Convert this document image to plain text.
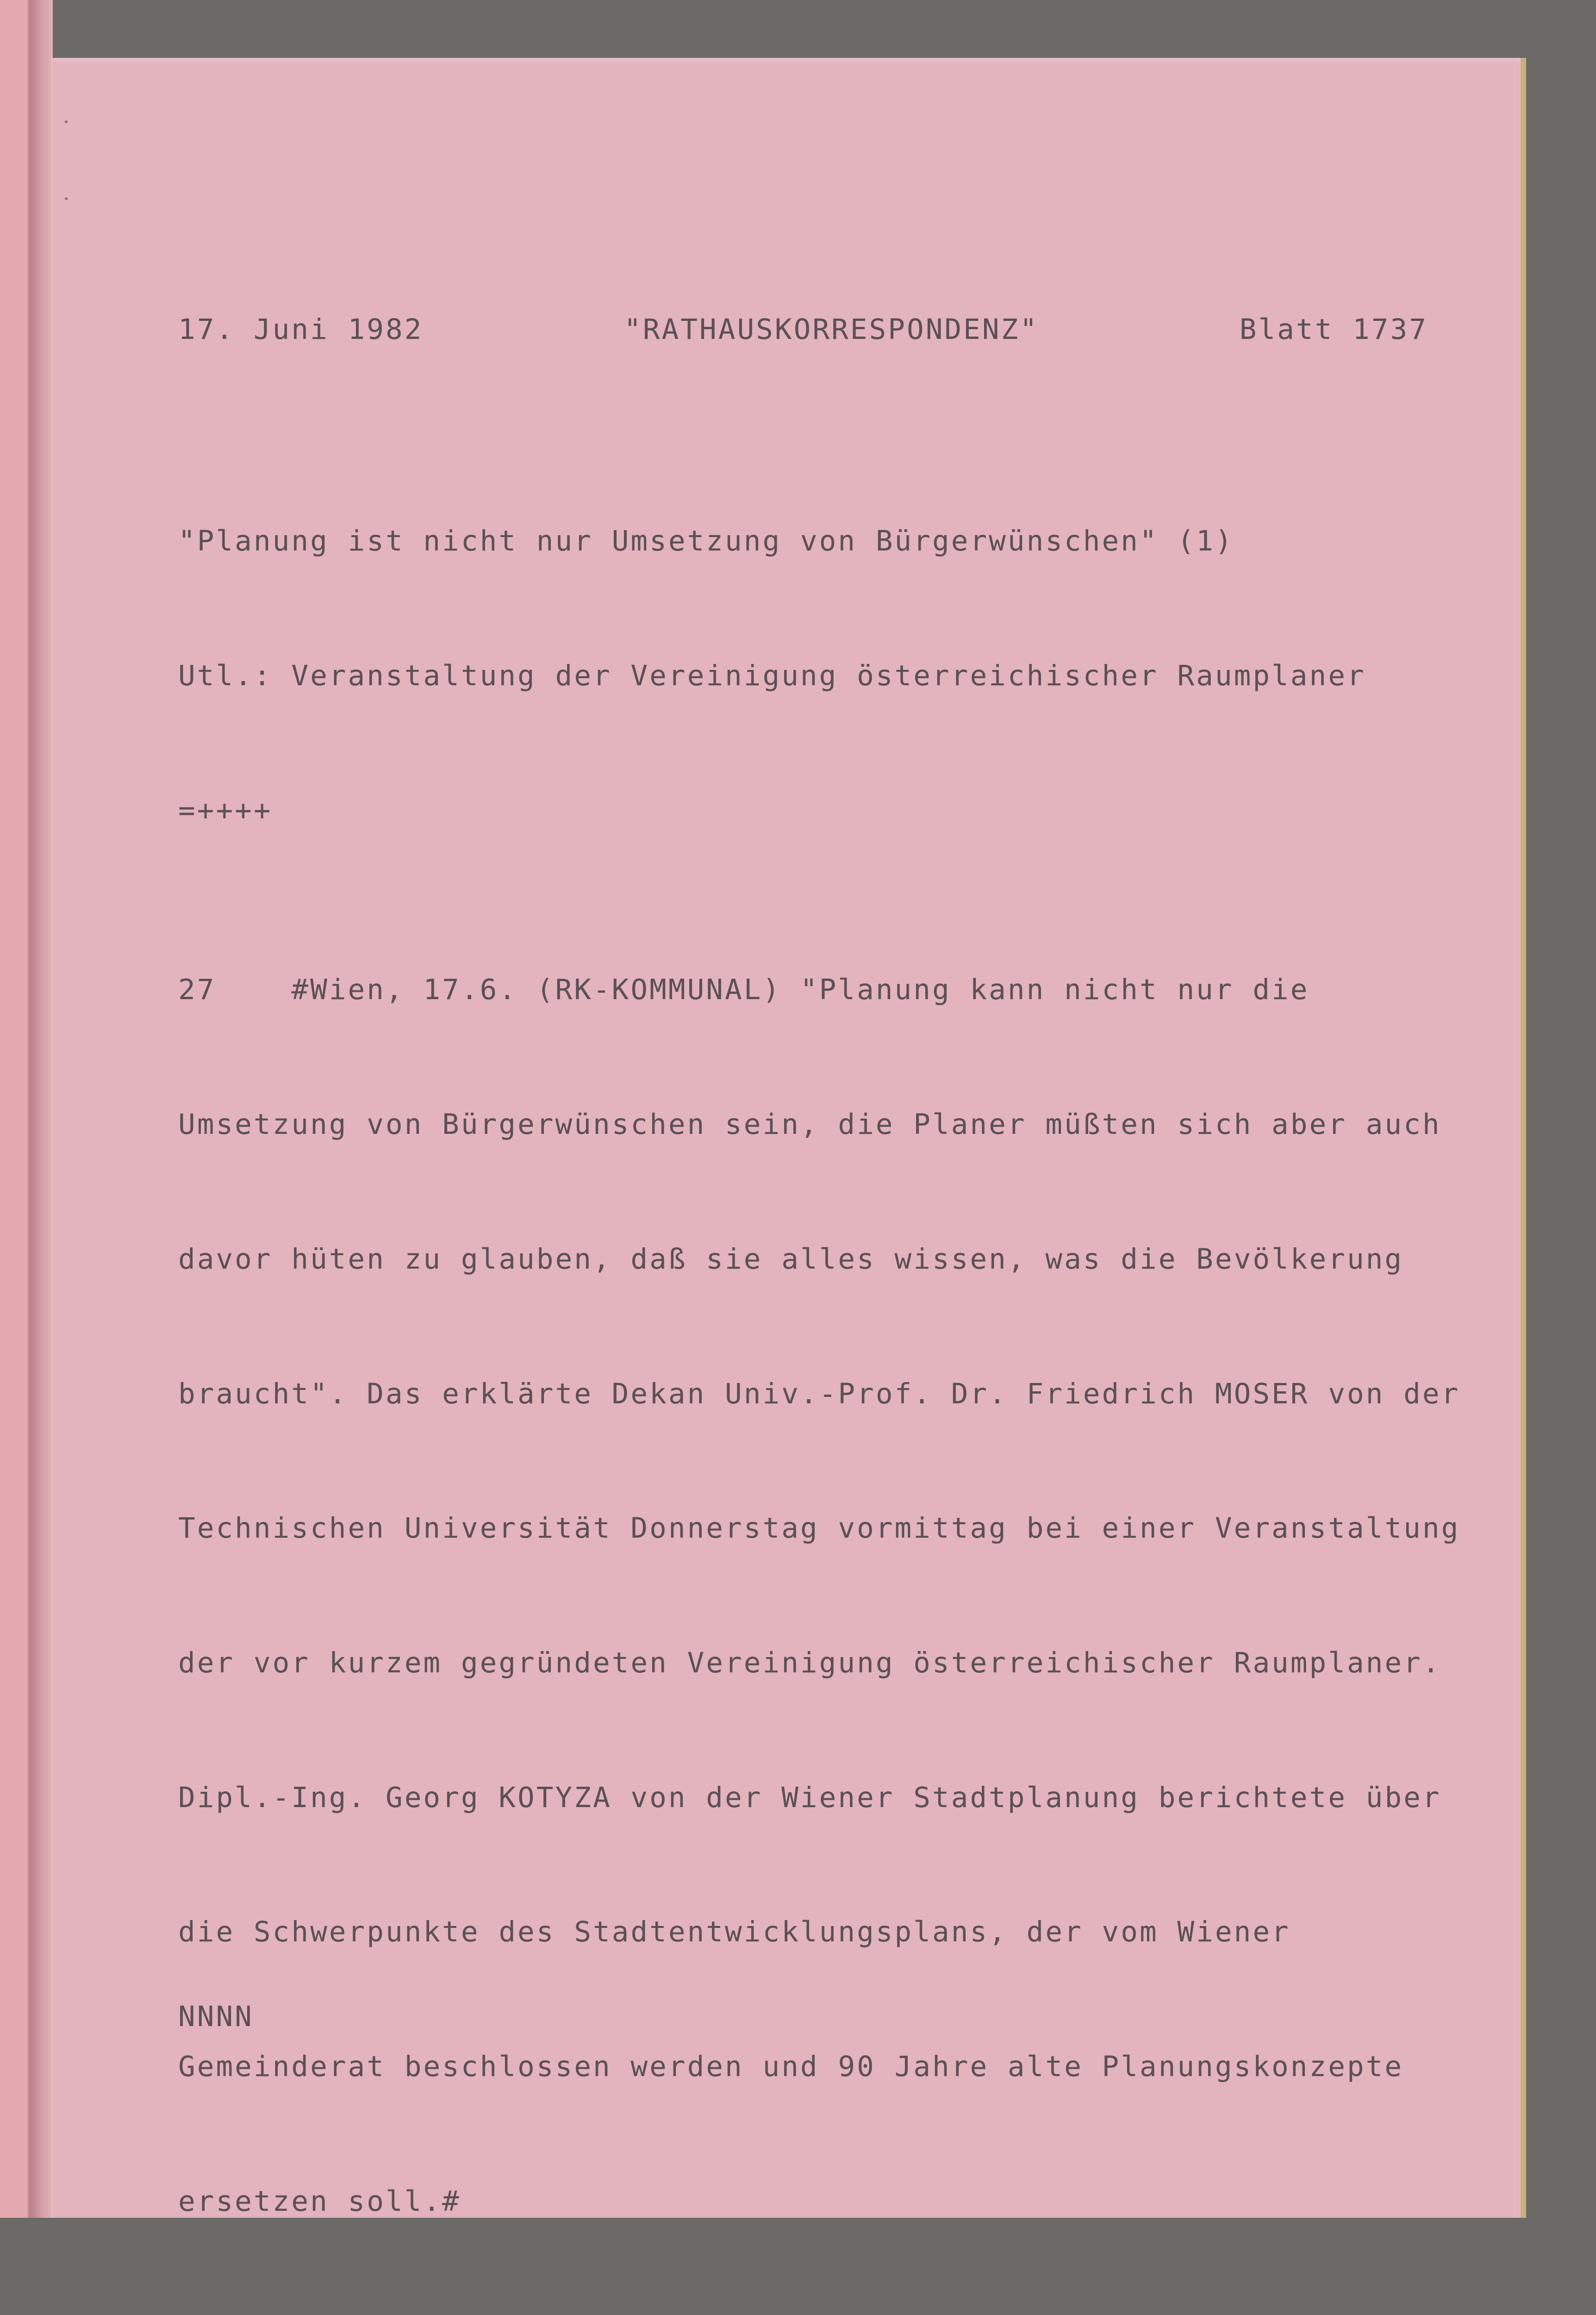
17. Juni 1982	"RATHAUSKORRESPONDENZ"	Blatt 1737

"Planung ist nicht nur Umsetzung von Bürgerwünschen" (1)

Utl.: Veranstaltung der Vereinigung österreichischer Raumplaner

=++++

27    #Wien, 17.6. (RK-KOMMUNAL) "Planung kann nicht nur die

Umsetzung von Bürgerwünschen sein, die Planer müßten sich aber auch

davor hüten zu glauben, daß sie alles wissen, was die Bevölkerung

braucht". Das erklärte Dekan Univ.-Prof. Dr. Friedrich MOSER von der

Technischen Universität Donnerstag vormittag bei einer Veranstaltung

der vor kurzem gegründeten Vereinigung österreichischer Raumplaner.

Dipl.-Ing. Georg KOTYZA von der Wiener Stadtplanung berichtete über

die Schwerpunkte des Stadtentwicklungsplans, der vom Wiener

Gemeinderat beschlossen werden und 90 Jahre alte Planungskonzepte

ersetzen soll.#

NNNN
